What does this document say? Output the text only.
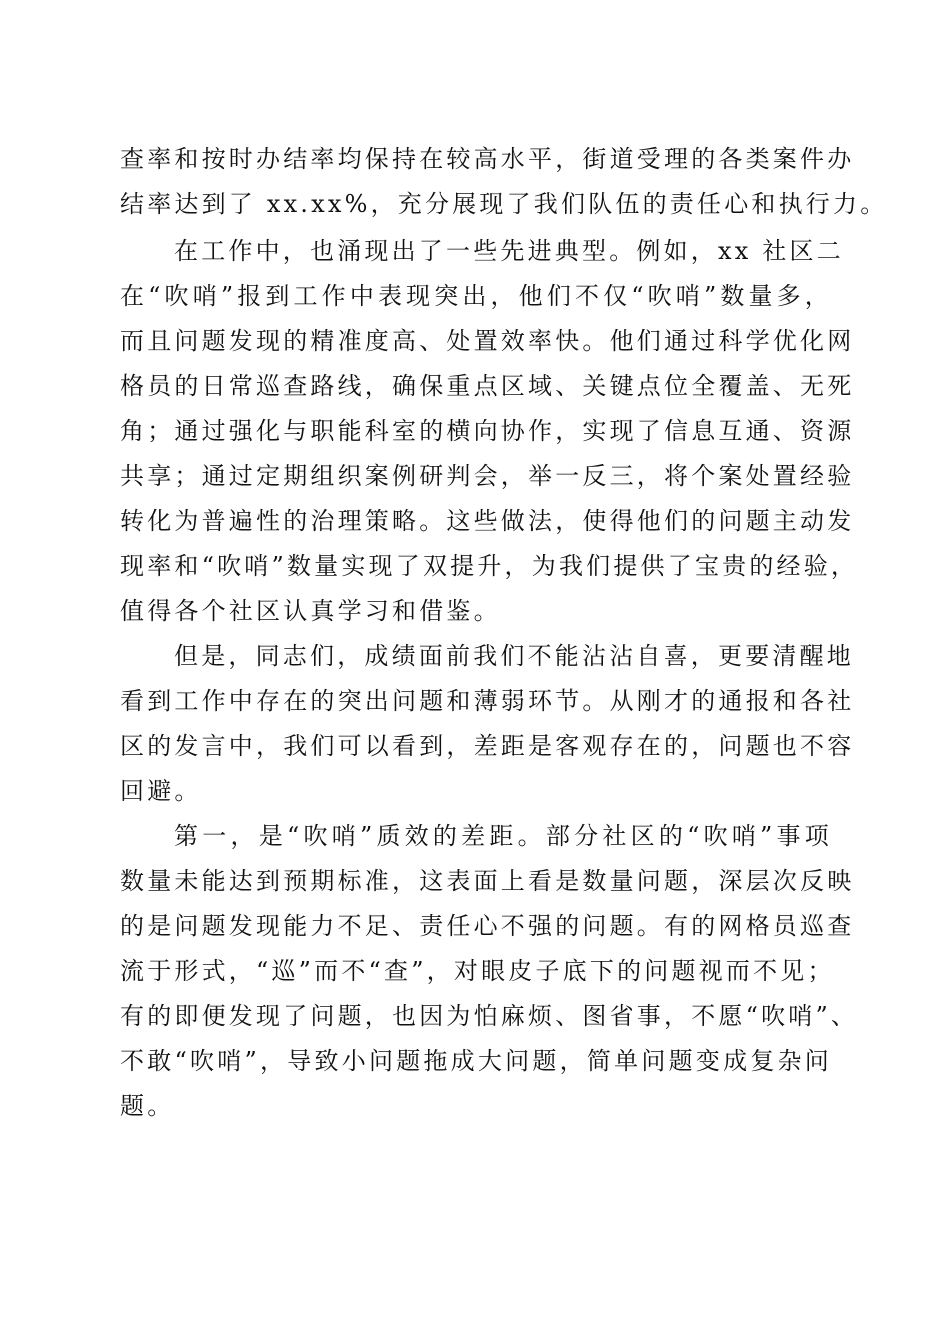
查率和按时办结率均保持在较高水平，街道受理的各类案件办
结率达到了 xx.xx%，充分展现了我们队伍的责任心和执行力。
在工作中，也涌现出了一些先进典型。例如，xx 社区二
在“吹哨”报到工作中表现突出，他们不仅“吹哨”数量多，
而且问题发现的精准度高、处置效率快。他们通过科学优化网
格员的日常巡查路线，确保重点区域、关键点位全覆盖、无死
角；通过强化与职能科室的横向协作，实现了信息互通、资源
共享；通过定期组织案例研判会，举一反三，将个案处置经验
转化为普遍性的治理策略。这些做法，使得他们的问题主动发
现率和“吹哨”数量实现了双提升，为我们提供了宝贵的经验，
值得各个社区认真学习和借鉴。
但是，同志们，成绩面前我们不能沾沾自喜，更要清醒地
看到工作中存在的突出问题和薄弱环节。从刚才的通报和各社
区的发言中，我们可以看到，差距是客观存在的，问题也不容
回避。
第一，是“吹哨”质效的差距。部分社区的“吹哨”事项
数量未能达到预期标准，这表面上看是数量问题，深层次反映
的是问题发现能力不足、责任心不强的问题。有的网格员巡查
流于形式，“巡”而不“查”，对眼皮子底下的问题视而不见；
有的即便发现了问题，也因为怕麻烦、图省事，不愿“吹哨”、
不敢“吹哨”，导致小问题拖成大问题，简单问题变成复杂问
题。
